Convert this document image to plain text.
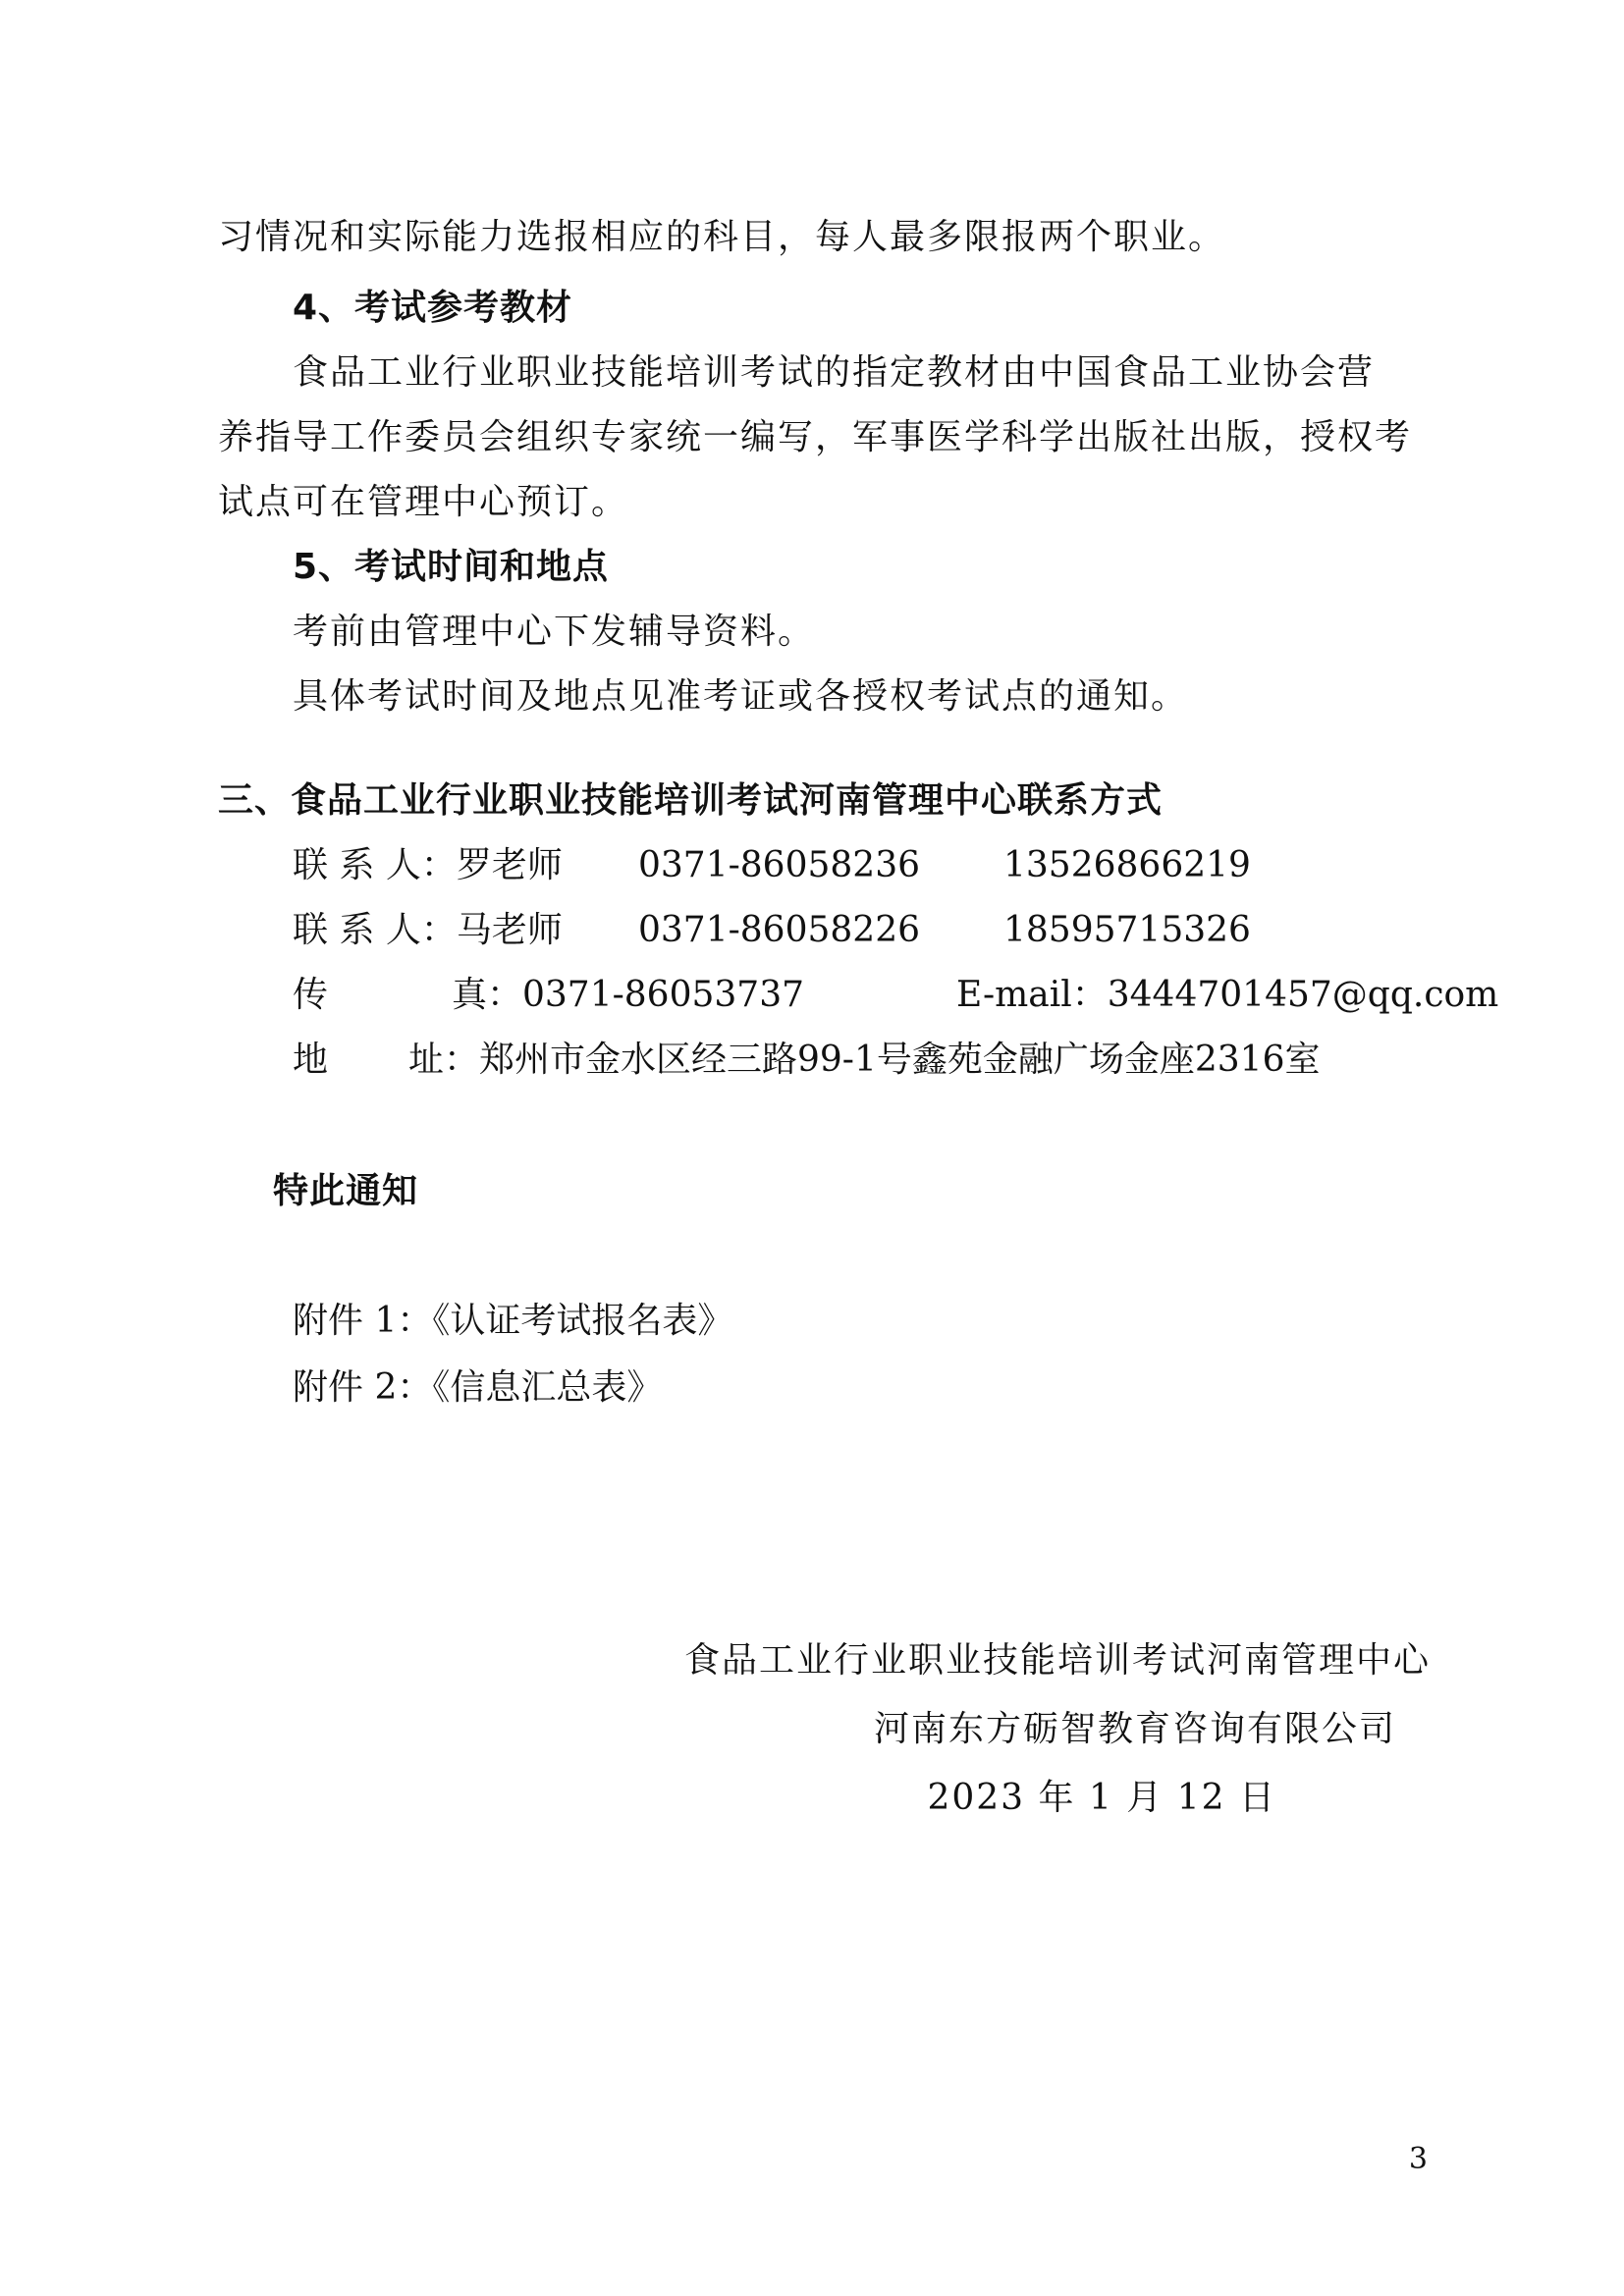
习情况和实际能力选报相应的科目，每人最多限报两个职业。
4、考试参考教材
食品工业行业职业技能培训考试的指定教材由中国食品工业协会营
养指导工作委员会组织专家统一编写，军事医学科学出版社出版，授权考
试点可在管理中心预订。
5、考试时间和地点
考前由管理中心下发辅导资料。
具体考试时间及地点见准考证或各授权考试点的通知。
三、食品工业行业职业技能培训考试河南管理中心联系方式
联 系 人：罗老师 0371-86058236 13526866219
联 系 人：马老师 0371-86058226 18595715326
传	真：0371-86053737	E-mail：3444701457@qq.com
地 址：郑州市金水区经三路99-1号鑫苑金融广场金座2316室
特此通知
附件 1：《认证考试报名表》
附件 2：《信息汇总表》
食品工业行业职业技能培训考试河南管理中心
河南东方砺智教育咨询有限公司
2023 年 1 月 12 日
3
